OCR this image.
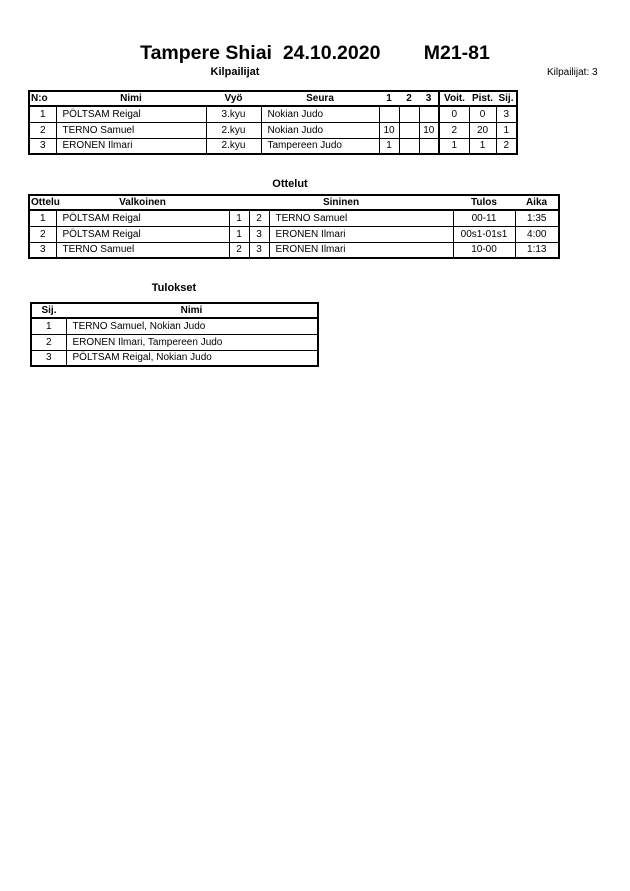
Tampere Shiai  24.10.2020        M21-81
Kilpailijat	Kilpailijat: 3
N:o	Nimi	Vyö	Seura	1	2	3	Voit.	Pist.	Sij.
1	PÖLTSAM Reigal	3.kyu	Nokian Judo				0	0	3
2	TERNO Samuel	2.kyu	Nokian Judo	10		10	2	20	1
3	ERONEN Ilmari	2.kyu	Tampereen Judo	1			1	1	2
Ottelut
Ottelu	Valkoinen	Sininen			Tulos	Aika
1	PÖLTSAM Reigal	1	2	TERNO Samuel	00-11	1:35
2	PÖLTSAM Reigal	1	3	ERONEN Ilmari	00s1-01s1	4:00
3	TERNO Samuel	2	3	ERONEN Ilmari	10-00	1:13
Tulokset
Sij.	Nimi
1	TERNO Samuel, Nokian Judo
2	ERONEN Ilmari, Tampereen Judo
3	PÖLTSAM Reigal, Nokian Judo
